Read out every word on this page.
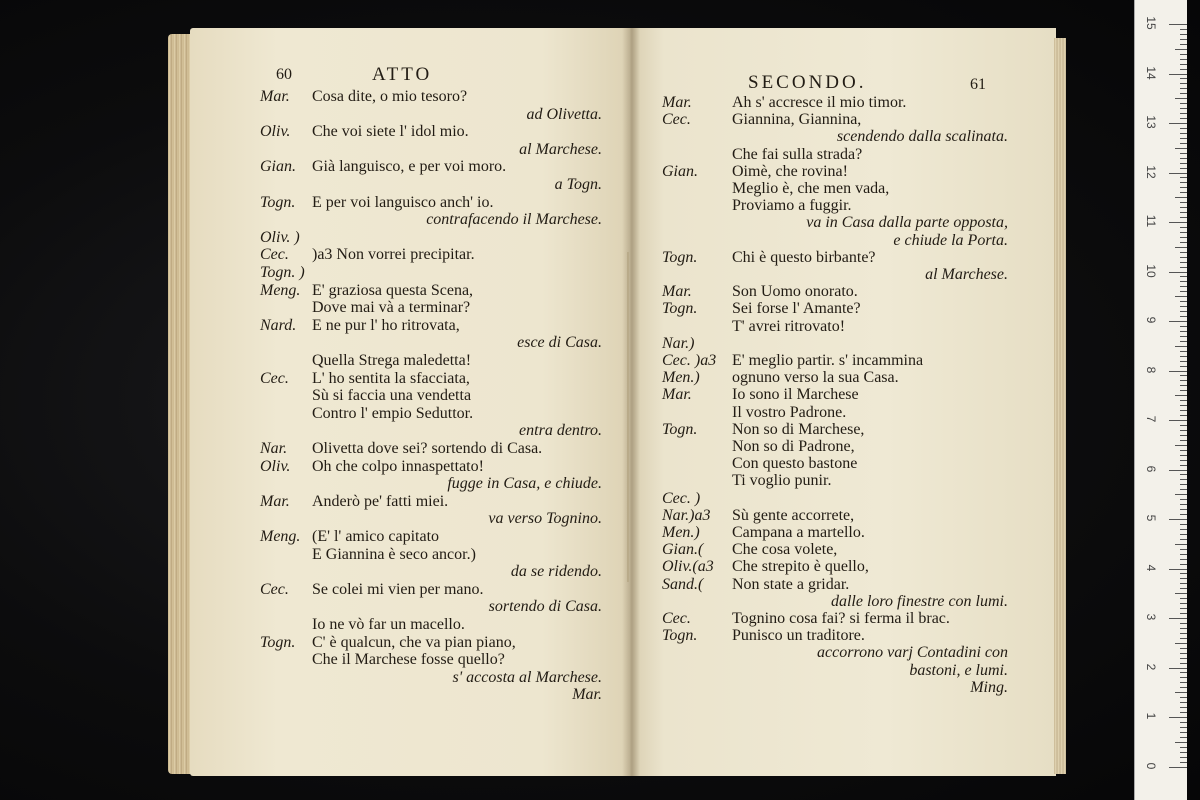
60	ATTO	SECONDO.	61
Mar. Cosa dite, o mio tesoro?
ad Olivetta.
Oliv. Che voi siete l' idol mio.
al Marchese.
Gian. Già languisco, e per voi moro.
a Togn.
Togn. E per voi languisco anch' io.
contrafacendo il Marchese.
Oliv. )
Cec. )a3 Non vorrei precipitar.
Togn. )
Meng. E' graziosa questa Scena,
Dove mai và a terminar?
Nard. E ne pur l' ho ritrovata,
esce di Casa.
Quella Strega maledetta!
Cec. L' ho sentita la sfacciata,
Sù si faccia una vendetta
Contro l' empio Seduttor.
entra dentro.
Nar. Olivetta dove sei? sortendo di Casa.
Oliv. Oh che colpo innaspettato!
fugge in Casa, e chiude.
Mar. Anderò pe' fatti miei.
va verso Tognino.
Meng. (E' l' amico capitato
E Giannina è seco ancor.)
da se ridendo.
Cec. Se colei mi vien per mano.
sortendo di Casa.
Io ne vò far un macello.
Togn. C' è qualcun, che va pian piano,
Che il Marchese fosse quello?
s' accosta al Marchese.
Mar.
Mar.	Ah s' accresce il mio timor.
Cec.	Giannina, Giannina,
scendendo dalla scalinata.
Che fai sulla strada?
Gian. Oimè, che rovina!
Meglio è, che men vada,
Proviamo a fuggir.
va in Casa dalla parte opposta,
e chiude la Porta.
Togn. Chi è questo birbante?
al Marchese.
Mar.	Son Uomo onorato.
Togn. Sei forse l' Amante?
T' avrei ritrovato!
Nar.)
Cec. )a3 E' meglio partir. s' incammina
Men.) ognuno verso la sua Casa.
Mar.	Io sono il Marchese
Il vostro Padrone.
Togn. Non so di Marchese,
Non so di Padrone,
Con questo bastone
Ti voglio punir.
Cec. )
Nar.)a3 Sù gente accorrete,
Men.) Campana a martello.
Gian.( Che cosa volete,
Oliv.(a3 Che strepito è quello,
Sand.( Non state a gridar.
dalle loro finestre con lumi.
Cec.	Tognino cosa fai? si ferma il brac.
Togn. Punisco un traditore.
accorrono varj Contadini con
bastoni, e lumi.
Ming.
15
14
13
12
11
10
9
8
7
6
5
4
3
2
1
0
